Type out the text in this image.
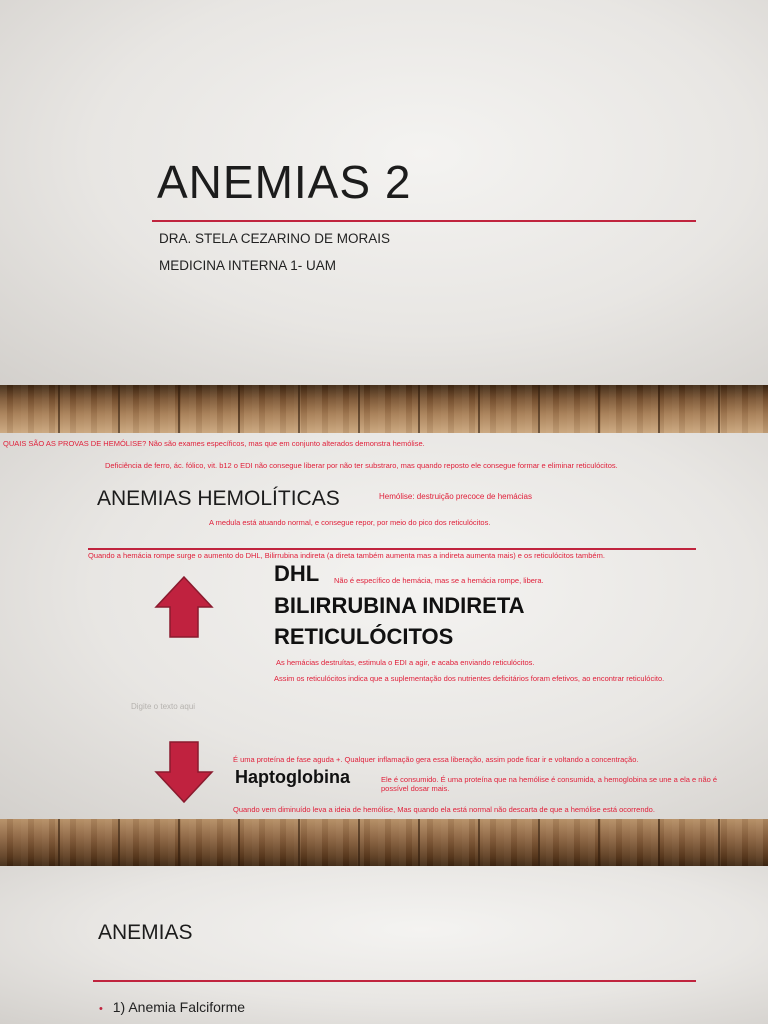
ANEMIAS 2
DRA. STELA CEZARINO DE MORAIS
MEDICINA INTERNA 1- UAM
QUAIS SÃO AS PROVAS DE HEMÓLISE? Não são exames específicos, mas que em conjunto alterados demonstra hemólise.
Deficiência de ferro, ác. fólico, vit. b12 o EDI não consegue liberar por não ter substraro, mas quando reposto ele consegue formar e eliminar reticulócitos.
ANEMIAS HEMOLÍTICAS	Hemólise: destruição precoce de hemácias
A medula está atuando normal, e consegue repor, por meio do pico dos reticulócitos.
Quando a hemácia rompe surge o aumento do DHL, Bilirrubina indireta (a direta também aumenta mas a indireta aumenta mais) e os reticulócitos também.
DHL Não é específico de hemácia, mas se a hemácia rompe, libera.
BILIRRUBINA INDIRETA
RETICULÓCITOS
As hemácias destruítas, estimula o EDI a agir, e acaba enviando reticulócitos.
Assim os reticulócitos indica que a suplementação dos nutrientes deficitários foram efetivos, ao encontrar reticulócito.
Digite o texto aqui
É uma proteína de fase aguda +. Qualquer inflamação gera essa liberação, assim pode ficar ir e voltando a concentração.
Haptoglobina	Ele é consumido. É uma proteína que na hemólise é consumida, a hemoglobina se une a ela e não é
possível dosar mais.
Quando vem diminuído leva a ideia de hemólise, Mas quando ela está normal não descarta de que a hemólise está ocorrendo.
ANEMIAS
• 1) Anemia Falciforme
